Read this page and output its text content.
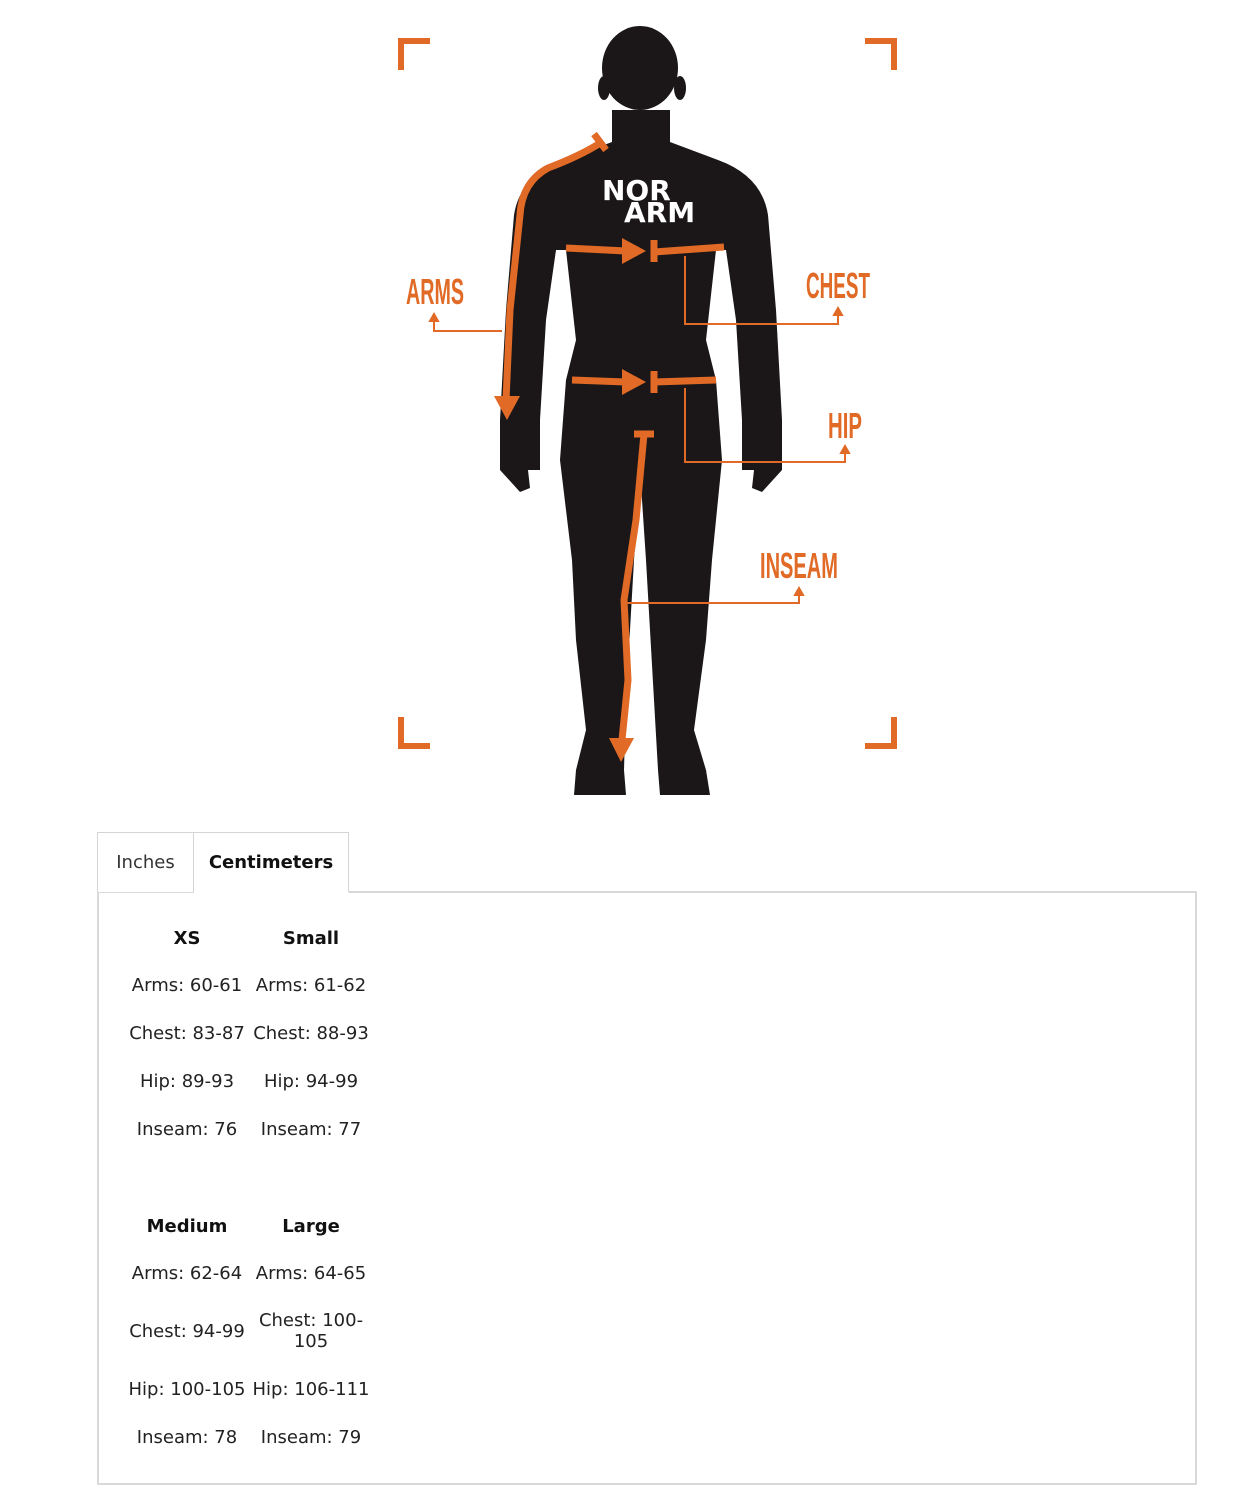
NOR
ARM
ARMS	CHEST
HIP
INSEAM
Inches	Centimeters
XS	Small
Arms: 60-61	Arms: 61-62
Chest: 83-87	Chest: 88-93
Hip: 89-93	Hip: 94-99
Inseam: 76	Inseam: 77
Medium	Large
Arms: 62-64	Arms: 64-65
Chest: 94-99	Chest: 100-105
Hip: 100-105	Hip: 106-111
Inseam: 78	Inseam: 79
